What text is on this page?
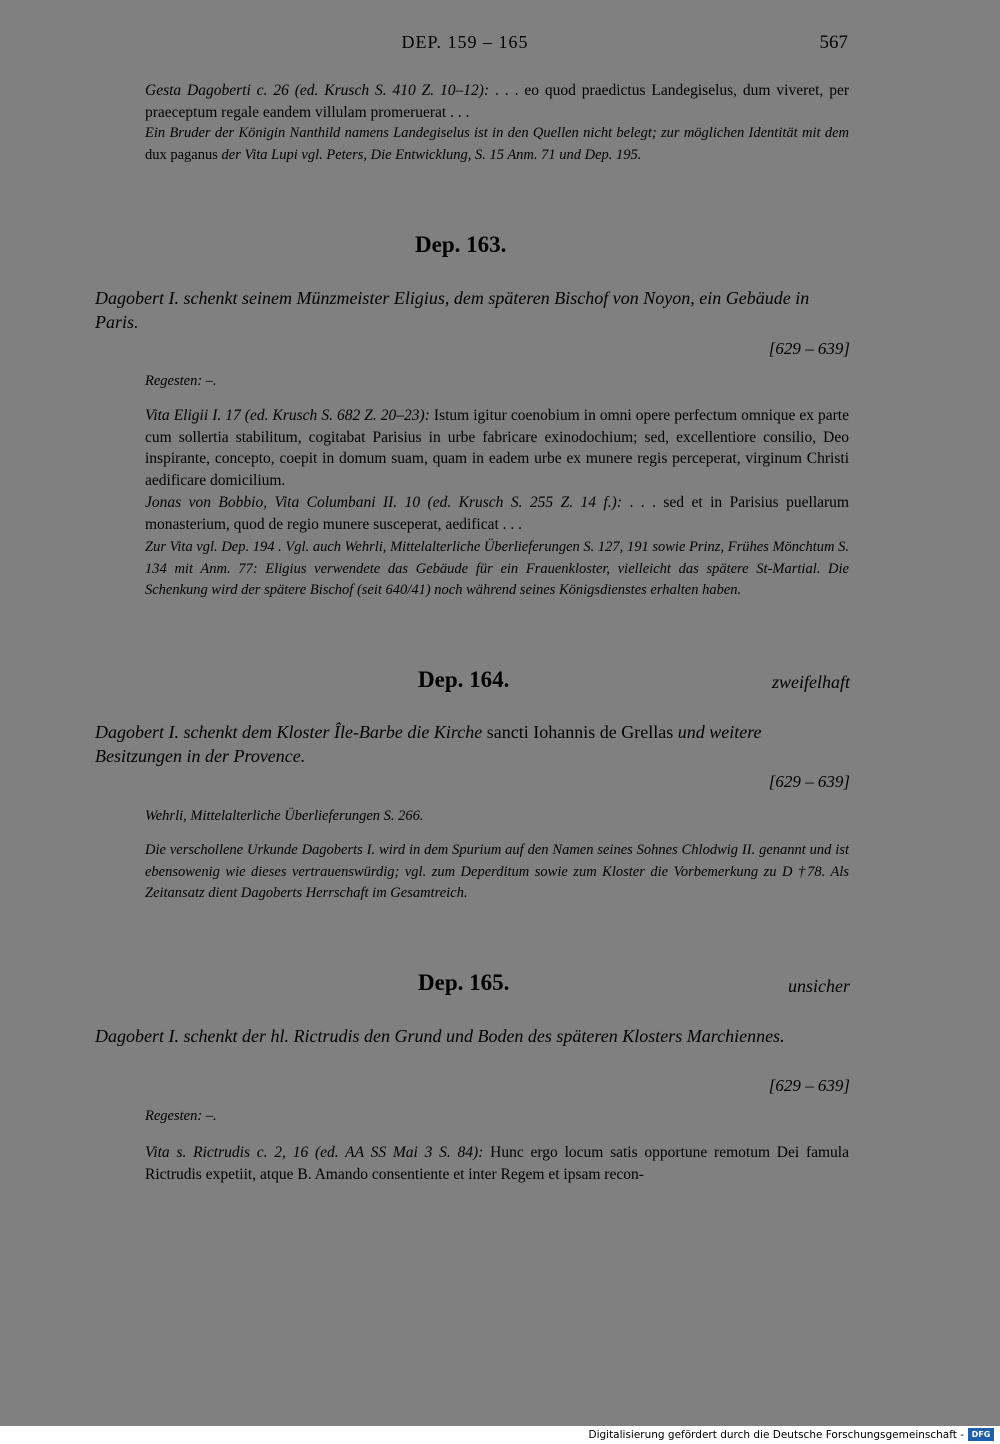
DEP. 159 – 165	567
Gesta Dagoberti c. 26 (ed. Krusch S. 410 Z. 10–12): . . . eo quod praedictus Landegiselus, dum viveret, per praeceptum regale eandem villulam promeruerat . . .
Ein Bruder der Königin Nanthild namens Landegiselus ist in den Quellen nicht belegt; zur möglichen Identität mit dem dux paganus der Vita Lupi vgl. Peters, Die Entwicklung, S. 15 Anm. 71 und Dep. 195.
Dep. 163.
Dagobert I. schenkt seinem Münzmeister Eligius, dem späteren Bischof von Noyon, ein Gebäude in Paris.
[629 – 639]
Regesten: –.
Vita Eligii I. 17 (ed. Krusch S. 682 Z. 20–23): Istum igitur coenobium in omni opere perfectum omnique ex parte cum sollertia stabilitum, cogitabat Parisius in urbe fabricare exinodochium; sed, excellentiore consilio, Deo inspirante, concepto, coepit in domum suam, quam in eadem urbe ex munere regis perceperat, virginum Christi aedificare domicilium.
Jonas von Bobbio, Vita Columbani II. 10 (ed. Krusch S. 255 Z. 14 f.): . . . sed et in Parisius puellarum monasterium, quod de regio munere susceperat, aedificat . . .
Zur Vita vgl. Dep. 194 . Vgl. auch Wehrli, Mittelalterliche Überlieferungen S. 127, 191 sowie Prinz, Frühes Mönchtum S. 134 mit Anm. 77: Eligius verwendete das Gebäude für ein Frauenkloster, vielleicht das spätere St-Martial. Die Schenkung wird der spätere Bischof (seit 640/41) noch während seines Königsdienstes erhalten haben.
Dep. 164.	zweifelhaft
Dagobert I. schenkt dem Kloster Île-Barbe die Kirche sancti Iohannis de Grellas und weitere Besitzungen in der Provence.
[629 – 639]
Wehrli, Mittelalterliche Überlieferungen S. 266.
Die verschollene Urkunde Dagoberts I. wird in dem Spurium auf den Namen seines Sohnes Chlodwig II. genannt und ist ebensowenig wie dieses vertrauenswürdig; vgl. zum Deperditum sowie zum Kloster die Vorbemerkung zu D †78. Als Zeitansatz dient Dagoberts Herrschaft im Gesamtreich.
Dep. 165.	unsicher
Dagobert I. schenkt der hl. Rictrudis den Grund und Boden des späteren Klosters Marchiennes.
[629 – 639]
Regesten: –.
Vita s. Rictrudis c. 2, 16 (ed. AA SS Mai 3 S. 84): Hunc ergo locum satis opportune remotum Dei famula Rictrudis expetiit, atque B. Amando consentiente et inter Regem et ipsam recon-
Digitalisierung gefördert durch die Deutsche Forschungsgemeinschaft - DFG
